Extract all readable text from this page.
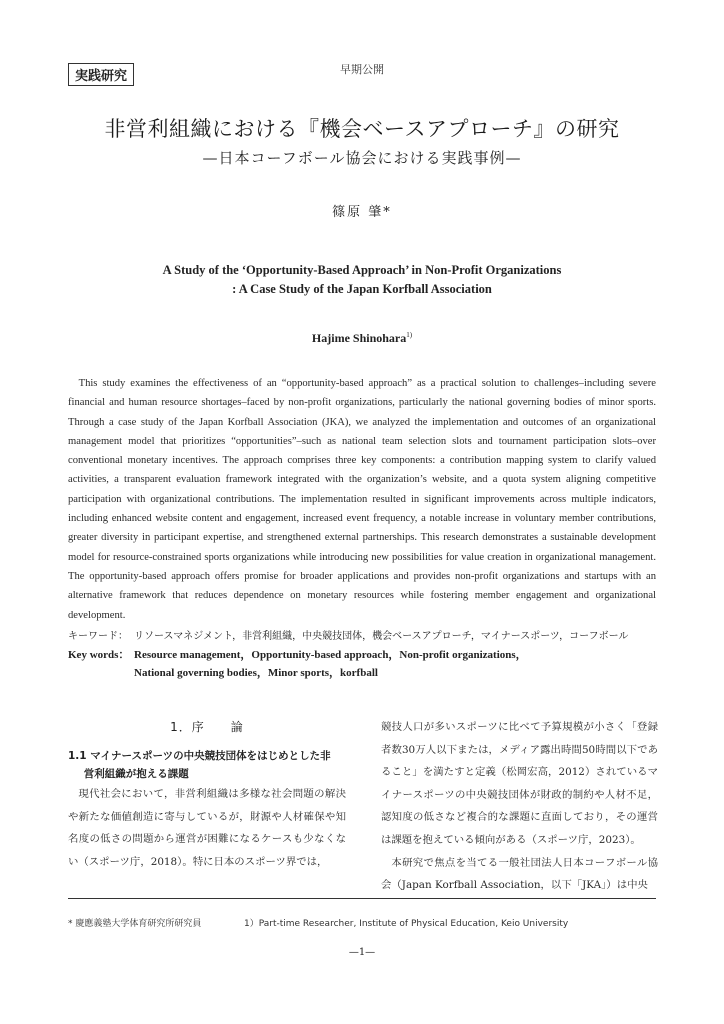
早期公開
実践研究
非営利組織における『機会ベースアプローチ』の研究
—日本コーフボール協会における実践事例—
篠原 肇*
A Study of the ‘Opportunity-Based Approach’ in Non-Profit Organizations
: A Case Study of the Japan Korfball Association
Hajime Shinohara$^{1)}$
This study examines the effectiveness of an “opportunity-based approach” as a practical solution to challenges–including severe financial and human resource shortages–faced by non-profit organizations, particularly the national governing bodies of minor sports. Through a case study of the Japan Korfball Association (JKA), we analyzed the implementation and outcomes of an organizational management model that prioritizes “opportunities”–such as national team selection slots and tournament participation slots–over conventional monetary incentives. The approach comprises three key components: a contribution mapping system to clarify valued activities, a transparent evaluation framework integrated with the organization’s website, and a quota system aligning competitive participation with organizational contributions. The implementation resulted in significant improvements across multiple indicators, including enhanced website content and engagement, increased event frequency, a notable increase in voluntary member contributions, greater diversity in participant expertise, and strengthened external partnerships. This research demonstrates a sustainable development model for resource-constrained sports organizations while introducing new possibilities for value creation in organizational management. The opportunity-based approach offers promise for broader applications and provides non-profit organizations and startups with an alternative framework that reduces dependence on monetary resources while fostering member engagement and organizational development.
キーワード： リソースマネジメント，非営利組織，中央競技団体，機会ベースアプローチ，マイナースポーツ，コーフボール
Key words： Resource management，Opportunity-based approach，Non-profit organizations，
National governing bodies，Minor sports，korfball
1．序　　論
1.1 マイナースポーツの中央競技団体をはじめとした非
営利組織が抱える課題
現代社会において，非営利組織は多様な社会問題の解決や新たな価値創造に寄与しているが，財源や人材確保や知名度の低さの問題から運営が困難になるケースも少なくない（スポーツ庁，2018）。特に日本のスポーツ界では，
競技人口が多いスポーツに比べて予算規模が小さく「登録者数30万人以下または，メディア露出時間50時間以下であること」を満たすと定義（松岡宏高，2012）されているマイナースポーツの中央競技団体が財政的制約や人材不足，認知度の低さなど複合的な課題に直面しており，その運営は課題を抱えている傾向がある（スポーツ庁，2023）。
本研究で焦点を当てる一般社団法人日本コーフボール協会（Japan Korfball Association，以下「JKA」）は中央
* 慶應義塾大学体育研究所研究員	1）Part-time Researcher, Institute of Physical Education, Keio University
—1—
